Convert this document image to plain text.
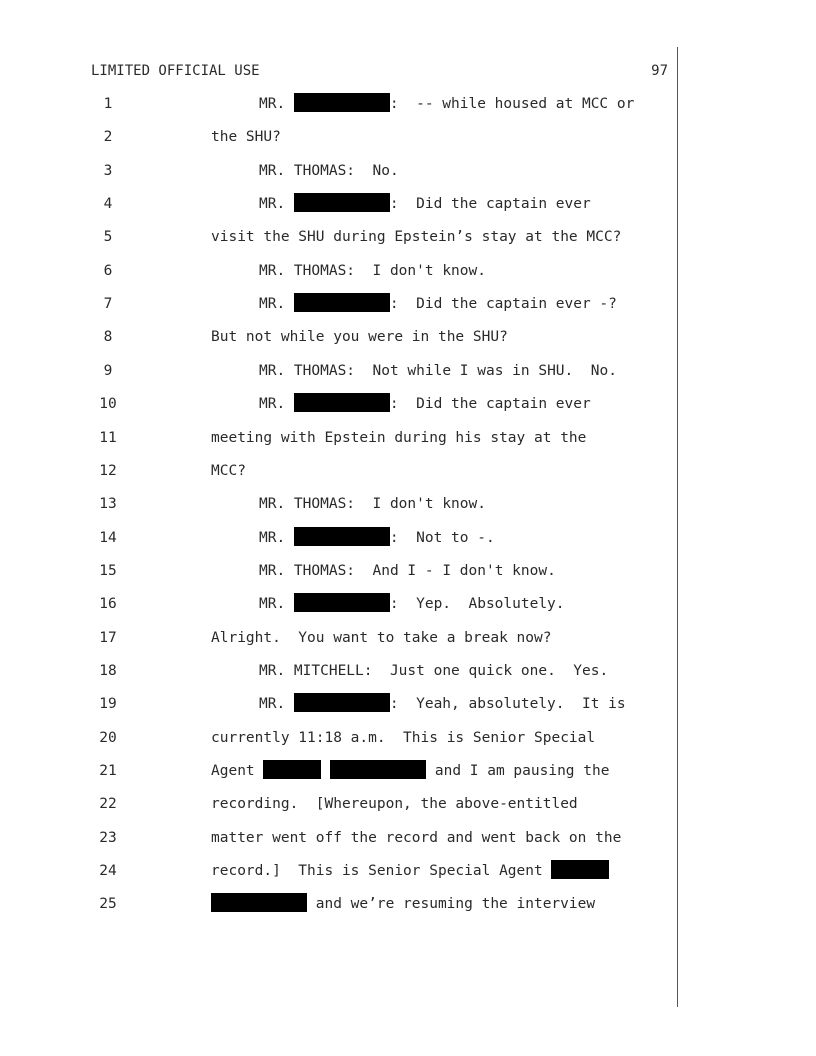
LIMITED OFFICIAL USE	97
1	MR.	:  -- while housed at MCC or
2	the SHU?
3	MR. THOMAS:  No.
4	MR.	:  Did the captain ever
5	visit the SHU during Epstein’s stay at the MCC?
6	MR. THOMAS:  I don't know.
7	MR.	:  Did the captain ever -?
8	But not while you were in the SHU?
9	MR. THOMAS:  Not while I was in SHU.  No.
10	MR.	:  Did the captain ever
11	meeting with Epstein during his stay at the
12	MCC?
13	MR. THOMAS:  I don't know.
14	MR.	:  Not to -.
15	MR. THOMAS:  And I - I don't know.
16	MR.	:  Yep.  Absolutely.
17	Alright.  You want to take a break now?
18	MR. MITCHELL:  Just one quick one.  Yes.
19	MR.	:  Yeah, absolutely.  It is
20	currently 11:18 a.m.  This is Senior Special
21	Agent	and I am pausing the
22	recording.  [Whereupon, the above-entitled
23	matter went off the record and went back on the
24	record.]  This is Senior Special Agent
25	and we’re resuming the interview
